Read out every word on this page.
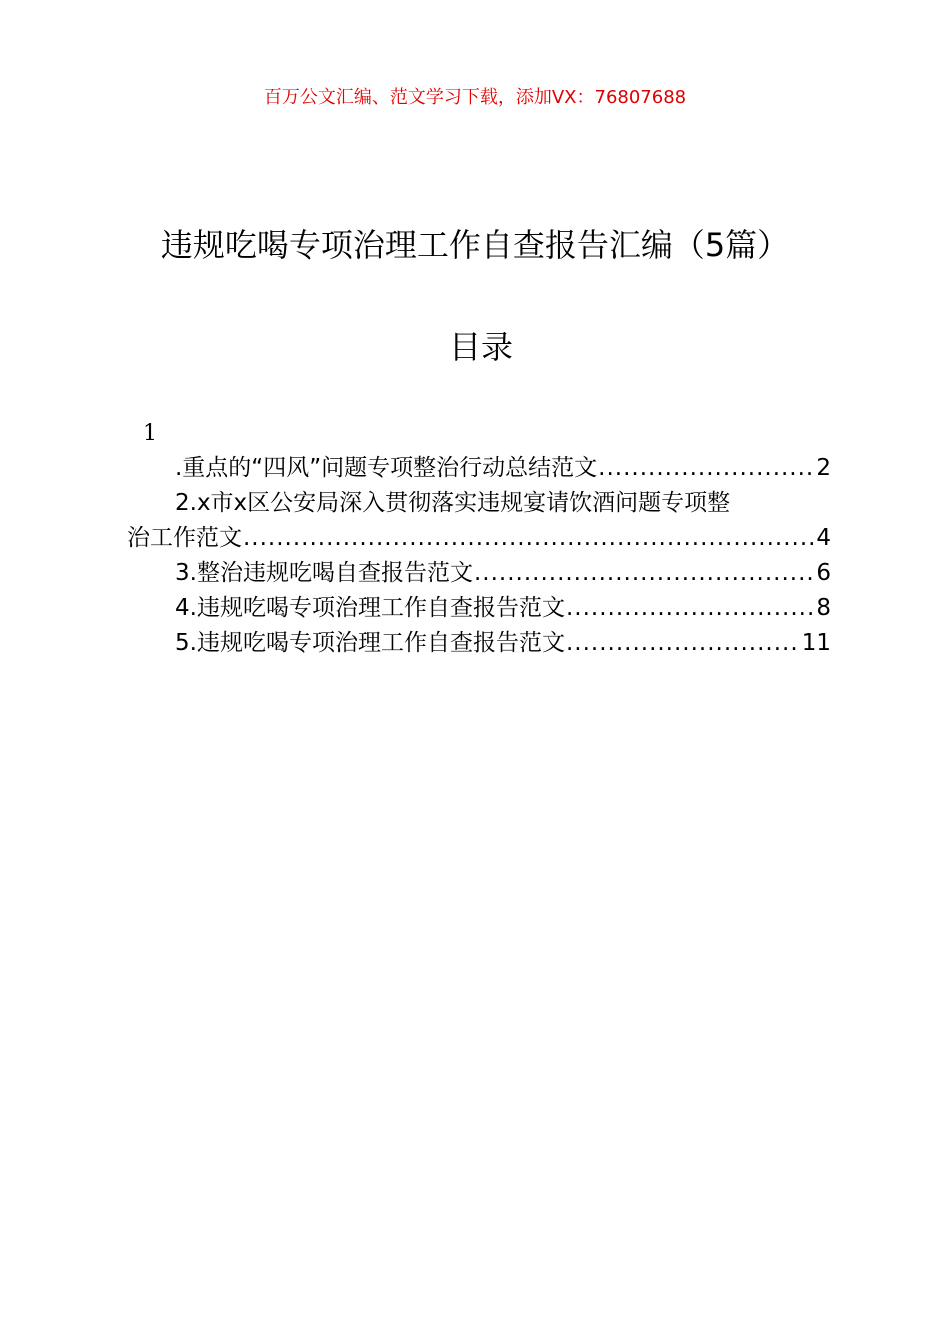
百万公文汇编、范文学习下载，添加VX：76807688
违规吃喝专项治理工作自查报告汇编（5篇）
目录
1
.重点的“四风”问题专项整治行动总结范文 .....	2
2.x市x区公安局深入贯彻落实违规宴请饮酒问题专项整
治工作范文 .....	4
3.整治违规吃喝自查报告范文 .....	6
4.违规吃喝专项治理工作自查报告范文 .....	8
5.违规吃喝专项治理工作自查报告范文 .....	11
